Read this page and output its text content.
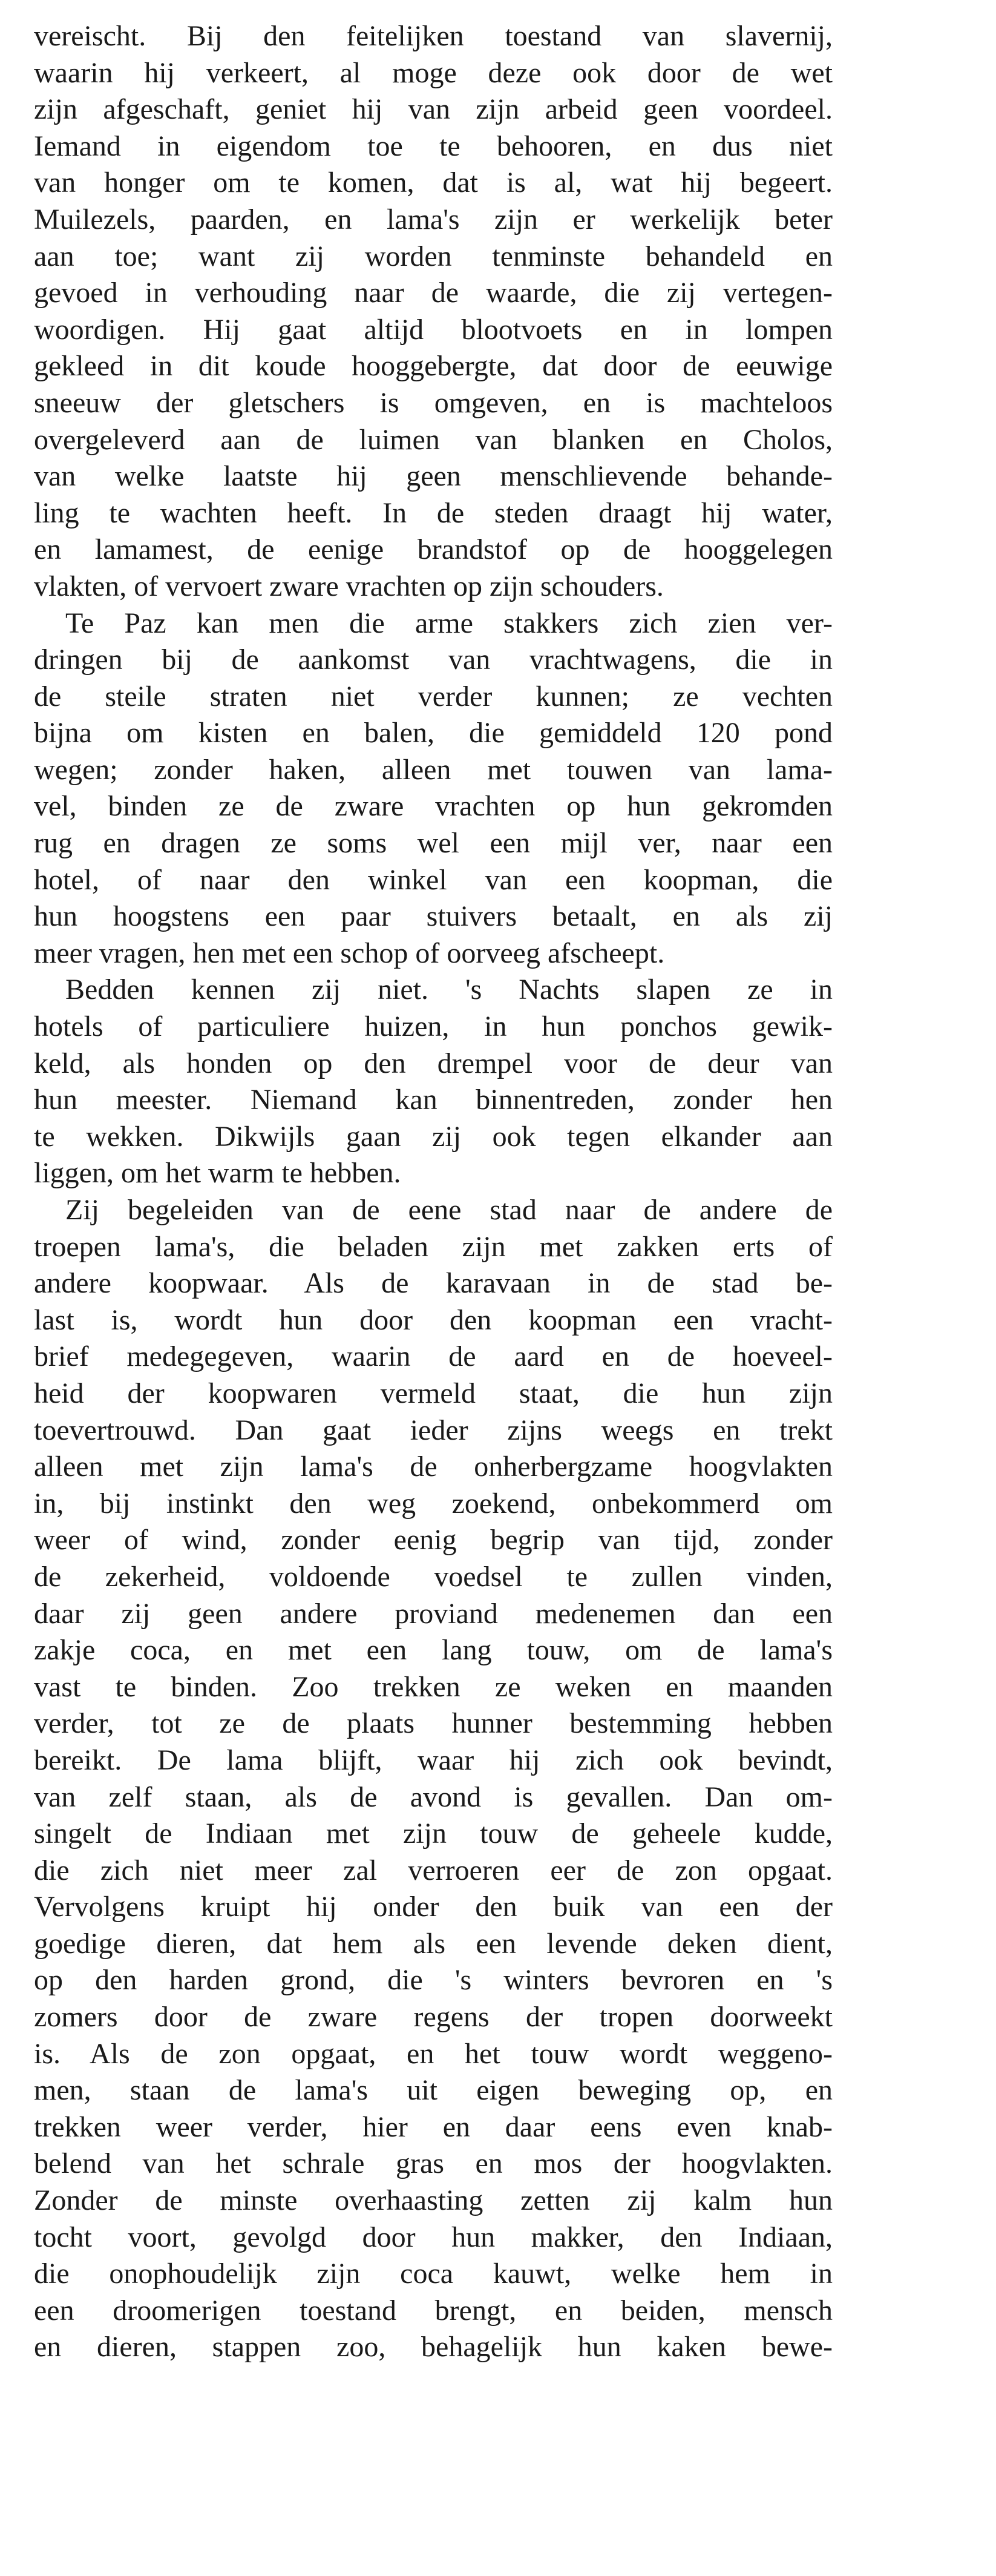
vereischt. Bij den feitelijken toestand van slavernij,
waarin hij verkeert, al moge deze ook door de wet
zijn afgeschaft, geniet hij van zijn arbeid geen voordeel.
Iemand in eigendom toe te behooren, en dus niet
van honger om te komen, dat is al, wat hij begeert.
Muilezels, paarden, en lama's zijn er werkelijk beter
aan toe; want zij worden tenminste behandeld en
gevoed in verhouding naar de waarde, die zij vertegen-
woordigen. Hij gaat altijd blootvoets en in lompen
gekleed in dit koude hooggebergte, dat door de eeuwige
sneeuw der gletschers is omgeven, en is machteloos
overgeleverd aan de luimen van blanken en Cholos,
van welke laatste hij geen menschlievende behande-
ling te wachten heeft. In de steden draagt hij water,
en lamamest, de eenige brandstof op de hooggelegen
vlakten, of vervoert zware vrachten op zijn schouders.
Te Paz kan men die arme stakkers zich zien ver-
dringen bij de aankomst van vrachtwagens, die in
de steile straten niet verder kunnen; ze vechten
bijna om kisten en balen, die gemiddeld 120 pond
wegen; zonder haken, alleen met touwen van lama-
vel, binden ze de zware vrachten op hun gekromden
rug en dragen ze soms wel een mijl ver, naar een
hotel, of naar den winkel van een koopman, die
hun hoogstens een paar stuivers betaalt, en als zij
meer vragen, hen met een schop of oorveeg afscheept.
Bedden kennen zij niet. 's Nachts slapen ze in
hotels of particuliere huizen, in hun ponchos gewik-
keld, als honden op den drempel voor de deur van
hun meester. Niemand kan binnentreden, zonder hen
te wekken. Dikwijls gaan zij ook tegen elkander aan
liggen, om het warm te hebben.
Zij begeleiden van de eene stad naar de andere de
troepen lama's, die beladen zijn met zakken erts of
andere koopwaar. Als de karavaan in de stad be-
last is, wordt hun door den koopman een vracht-
brief medegegeven, waarin de aard en de hoeveel-
heid der koopwaren vermeld staat, die hun zijn
toevertrouwd. Dan gaat ieder zijns weegs en trekt
alleen met zijn lama's de onherbergzame hoogvlakten
in, bij instinkt den weg zoekend, onbekommerd om
weer of wind, zonder eenig begrip van tijd, zonder
de zekerheid, voldoende voedsel te zullen vinden,
daar zij geen andere proviand medenemen dan een
zakje coca, en met een lang touw, om de lama's
vast te binden. Zoo trekken ze weken en maanden
verder, tot ze de plaats hunner bestemming hebben
bereikt. De lama blijft, waar hij zich ook bevindt,
van zelf staan, als de avond is gevallen. Dan om-
singelt de Indiaan met zijn touw de geheele kudde,
die zich niet meer zal verroeren eer de zon opgaat.
Vervolgens kruipt hij onder den buik van een der
goedige dieren, dat hem als een levende deken dient,
op den harden grond, die 's winters bevroren en 's
zomers door de zware regens der tropen doorweekt
is. Als de zon opgaat, en het touw wordt weggeno-
men, staan de lama's uit eigen beweging op, en
trekken weer verder, hier en daar eens even knab-
belend van het schrale gras en mos der hoogvlakten.
Zonder de minste overhaasting zetten zij kalm hun
tocht voort, gevolgd door hun makker, den Indiaan,
die onophoudelijk zijn coca kauwt, welke hem in
een droomerigen toestand brengt, en beiden, mensch
en dieren, stappen zoo, behagelijk hun kaken bewe-
